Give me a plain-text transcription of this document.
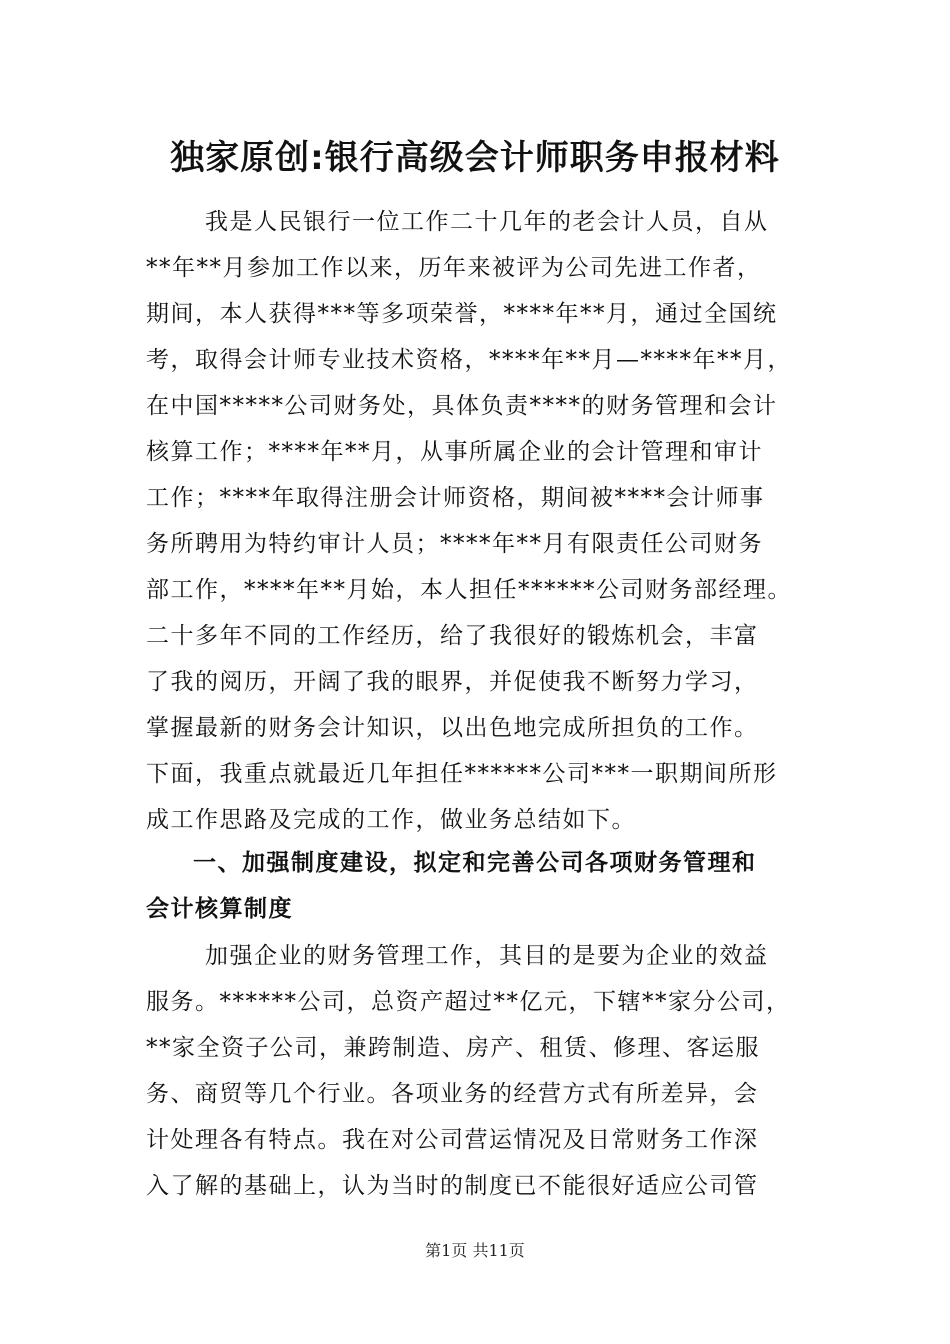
独家原创:银行高级会计师职务申报材料
我是人民银行一位工作二十几年的老会计人员，自从
**年**月参加工作以来，历年来被评为公司先进工作者，
期间，本人获得***等多项荣誉，****年**月，通过全国统
考，取得会计师专业技术资格，****年**月—****年**月，
在中国*****公司财务处，具体负责****的财务管理和会计
核算工作；****年**月，从事所属企业的会计管理和审计
工作；****年取得注册会计师资格，期间被****会计师事
务所聘用为特约审计人员；****年**月有限责任公司财务
部工作，****年**月始，本人担任******公司财务部经理。
二十多年不同的工作经历，给了我很好的锻炼机会，丰富
了我的阅历，开阔了我的眼界，并促使我不断努力学习，
掌握最新的财务会计知识，以出色地完成所担负的工作。
下面，我重点就最近几年担任******公司***一职期间所形
成工作思路及完成的工作，做业务总结如下。
一、加强制度建设，拟定和完善公司各项财务管理和
会计核算制度
加强企业的财务管理工作，其目的是要为企业的效益
服务。******公司，总资产超过**亿元，下辖**家分公司，
**家全资子公司，兼跨制造、房产、租赁、修理、客运服
务、商贸等几个行业。各项业务的经营方式有所差异，会
计处理各有特点。我在对公司营运情况及日常财务工作深
入了解的基础上，认为当时的制度已不能很好适应公司管
第1页 共11页
